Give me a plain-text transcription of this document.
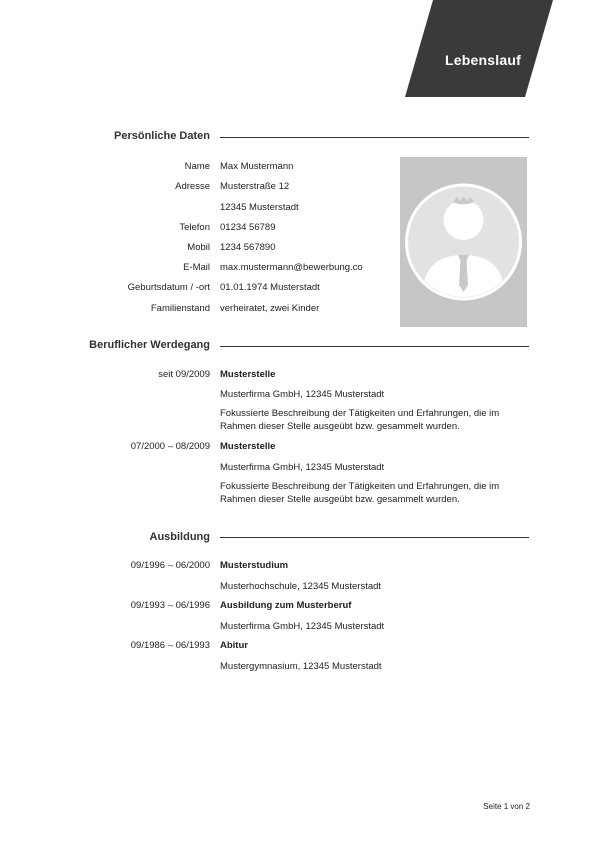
Lebenslauf
Persönliche Daten
Name Max Mustermann
Adresse Musterstraße 12
12345 Musterstadt
Telefon 01234 56789
Mobil 1234 567890
E-Mail max.mustermann@bewerbung.co
Geburtsdatum / -ort 01.01.1974 Musterstadt
Familienstand verheiratet, zwei Kinder
Beruflicher Werdegang
seit 09/2009 Musterstelle
Musterfirma GmbH, 12345 Musterstadt
Fokussierte Beschreibung der Tätigkeiten und Erfahrungen, die im Rahmen dieser Stelle ausgeübt bzw. gesammelt wurden.
07/2000 – 08/2009 Musterstelle
Musterfirma GmbH, 12345 Musterstadt
Fokussierte Beschreibung der Tätigkeiten und Erfahrungen, die im Rahmen dieser Stelle ausgeübt bzw. gesammelt wurden.
Ausbildung
09/1996 – 06/2000 Musterstudium
Musterhochschule, 12345 Musterstadt
09/1993 – 06/1996 Ausbildung zum Musterberuf
Musterfirma GmbH, 12345 Musterstadt
09/1986 – 06/1993 Abitur
Mustergymnasium, 12345 Musterstadt
Seite 1 von 2
